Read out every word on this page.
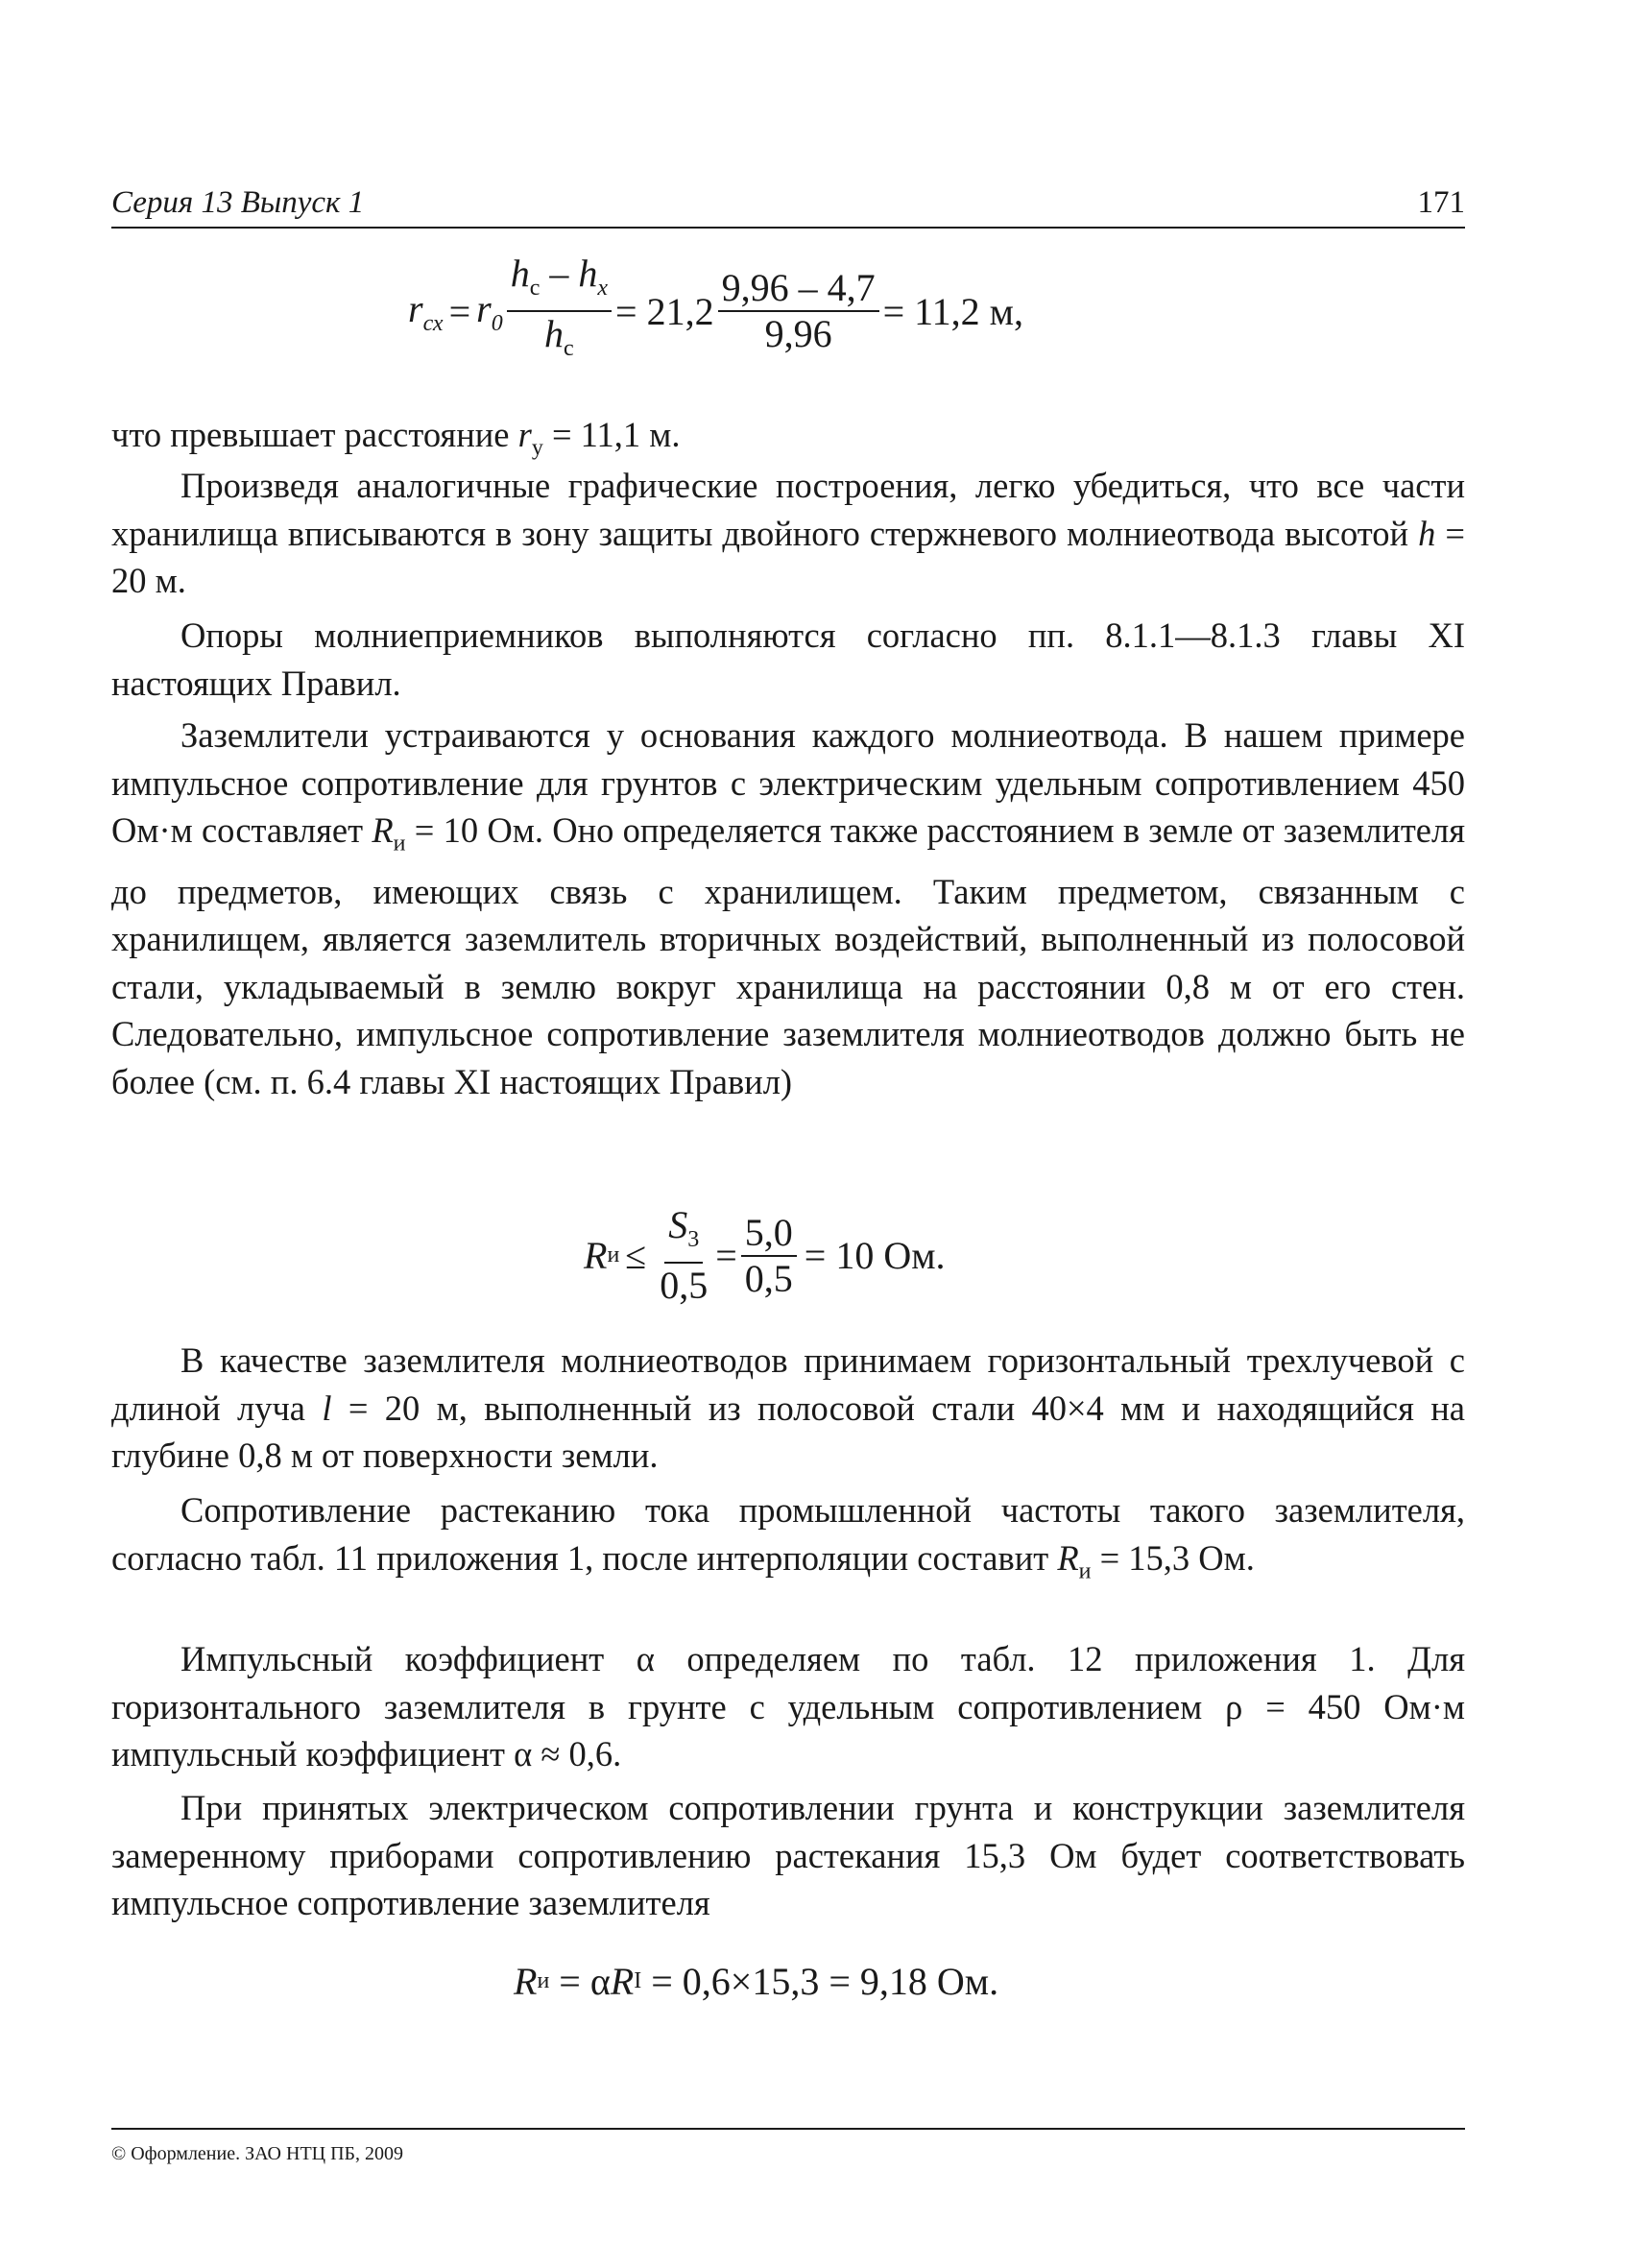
Серия 13 Выпуск 1	171
$r_{сх} = r_0 \frac{h_с - h_x}{h_с} = 21,2 \frac{9,96 - 4,7}{9,96} = 11,2$ м,

что превышает расстояние $r_у = 11,1$ м.

Произведя аналогичные графические построения, легко убедиться, что все части хранилища вписываются в зону защиты двойного стержневого молниеотвода высотой h = 20 м.

Опоры молниеприемников выполняются согласно пп. 8.1.1—8.1.3 главы XI настоящих Правил.

Заземлители устраиваются у основания каждого молниеотвода. В нашем примере импульсное сопротивление для грунтов с электрическим удельным сопротивлением 450 Ом·м составляет $R_и = 10$ Ом. Оно определяется также расстоянием в земле от заземлителя до предметов, имеющих связь с хранилищем. Таким предметом, связанным с хранилищем, является заземлитель вторичных воздействий, выполненный из полосовой стали, укладываемый в землю вокруг хранилища на расстоянии 0,8 м от его стен. Следовательно, импульсное сопротивление заземлителя молниеотводов должно быть не более (см. п. 6.4 главы XI настоящих Правил)

R $и \le \frac{S_3}{0,5} = \frac{5,0}{0,5} = 10$ Ом.

В качестве заземлителя молниеотводов принимаем горизонтальный трехлучевой с длиной луча l = 20 м, выполненный из полосовой стали 40×4 мм и находящийся на глубине 0,8 м от поверхности земли.

Сопротивление растеканию тока промышленной частоты такого заземлителя, согласно табл. 11 приложения 1, после интерполяции составит $R_и = 15,3$ Ом.

Импульсный коэффициент α определяем по табл. 12 приложения 1. Для горизонтального заземлителя в грунте с удельным сопротивлением ρ = 450 Ом·м импульсный коэффициент α ≈ 0,6.

При принятых электрическом сопротивлении грунта и конструкции заземлителя замеренному приборами сопротивлению растекания 15,3 Ом будет соответствовать импульсное сопротивление заземлителя

R и = α R I = 0,6×15,3 = 9,18 Ом.
© Оформление. ЗАО НТЦ ПБ, 2009
